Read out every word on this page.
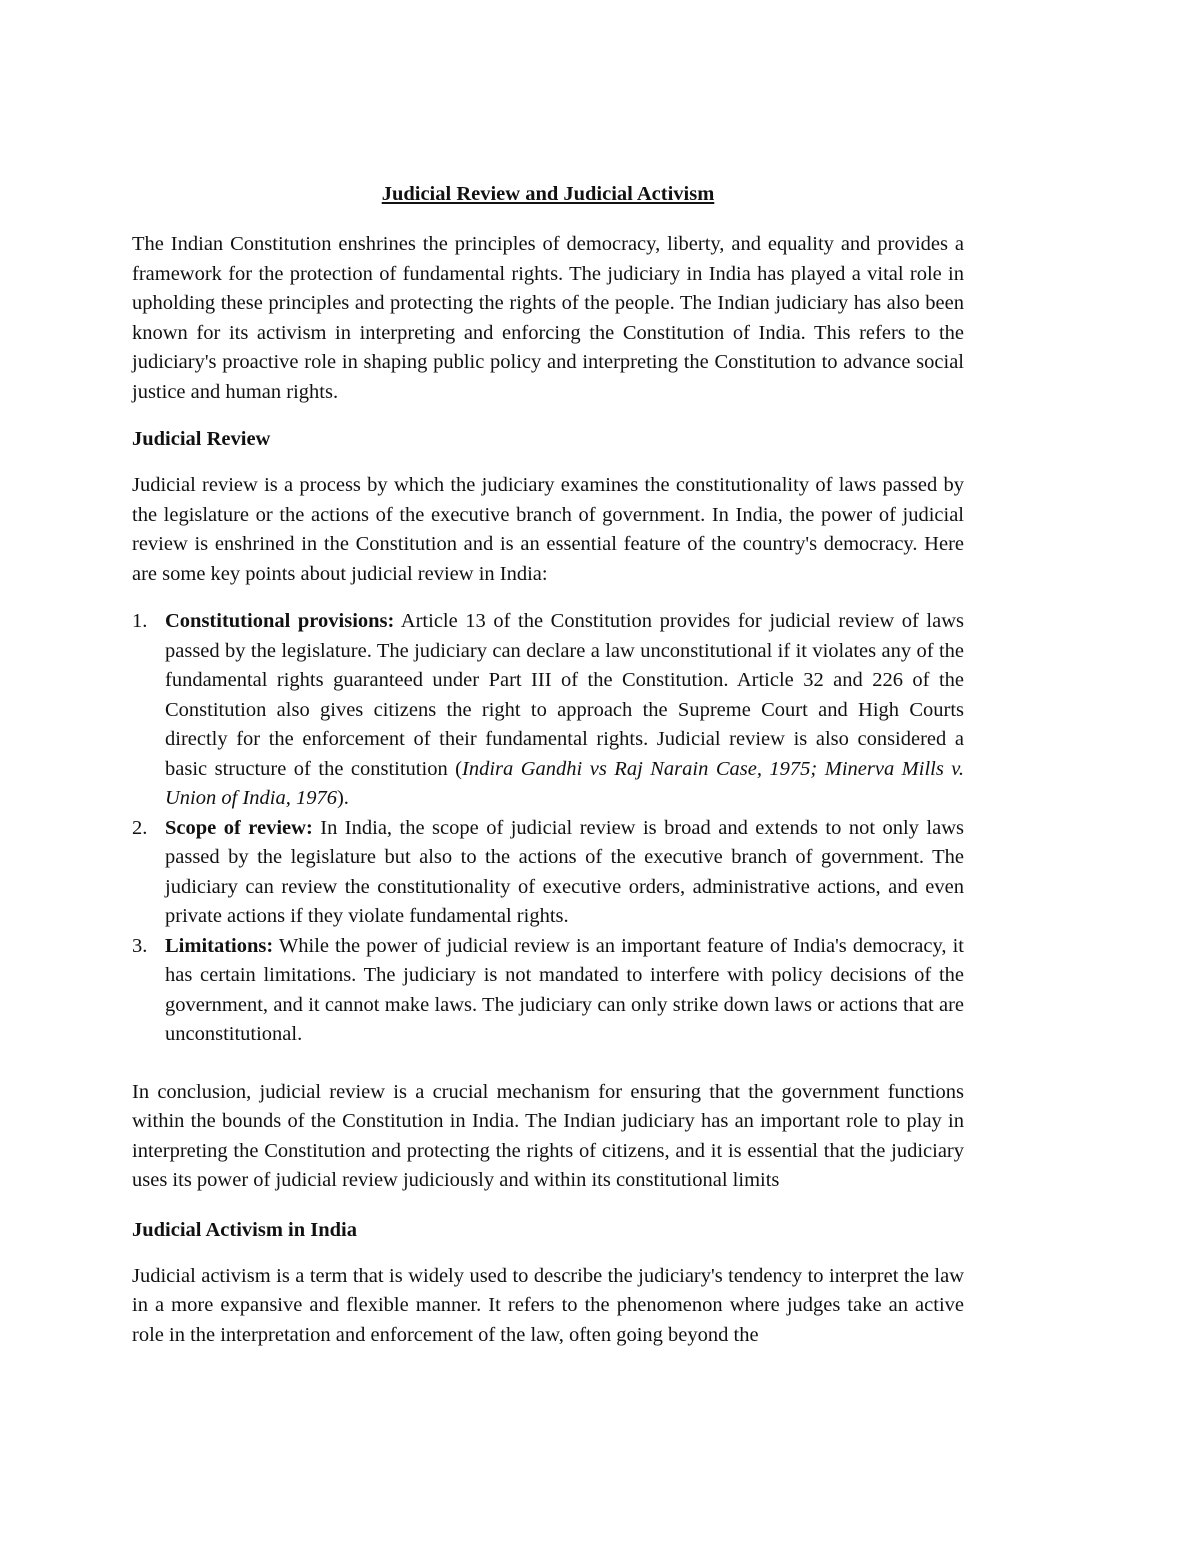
Judicial Review and Judicial Activism

The Indian Constitution enshrines the principles of democracy, liberty, and equality and provides a framework for the protection of fundamental rights. The judiciary in India has played a vital role in upholding these principles and protecting the rights of the people. The Indian judiciary has also been known for its activism in interpreting and enforcing the Constitution of India. This refers to the judiciary's proactive role in shaping public policy and interpreting the Constitution to advance social justice and human rights.

Judicial Review

Judicial review is a process by which the judiciary examines the constitutionality of laws passed by the legislature or the actions of the executive branch of government. In India, the power of judicial review is enshrined in the Constitution and is an essential feature of the country's democracy. Here are some key points about judicial review in India:

1. Constitutional provisions: Article 13 of the Constitution provides for judicial review of laws passed by the legislature. The judiciary can declare a law unconstitutional if it violates any of the fundamental rights guaranteed under Part III of the Constitution. Article 32 and 226 of the Constitution also gives citizens the right to approach the Supreme Court and High Courts directly for the enforcement of their fundamental rights. Judicial review is also considered a basic structure of the constitution (Indira Gandhi vs Raj Narain Case, 1975; Minerva Mills v. Union of India, 1976).
2. Scope of review: In India, the scope of judicial review is broad and extends to not only laws passed by the legislature but also to the actions of the executive branch of government. The judiciary can review the constitutionality of executive orders, administrative actions, and even private actions if they violate fundamental rights.
3. Limitations: While the power of judicial review is an important feature of India's democracy, it has certain limitations. The judiciary is not mandated to interfere with policy decisions of the government, and it cannot make laws. The judiciary can only strike down laws or actions that are unconstitutional.

In conclusion, judicial review is a crucial mechanism for ensuring that the government functions within the bounds of the Constitution in India. The Indian judiciary has an important role to play in interpreting the Constitution and protecting the rights of citizens, and it is essential that the judiciary uses its power of judicial review judiciously and within its constitutional limits

Judicial Activism in India

Judicial activism is a term that is widely used to describe the judiciary's tendency to interpret the law in a more expansive and flexible manner. It refers to the phenomenon where judges take an active role in the interpretation and enforcement of the law, often going beyond the
